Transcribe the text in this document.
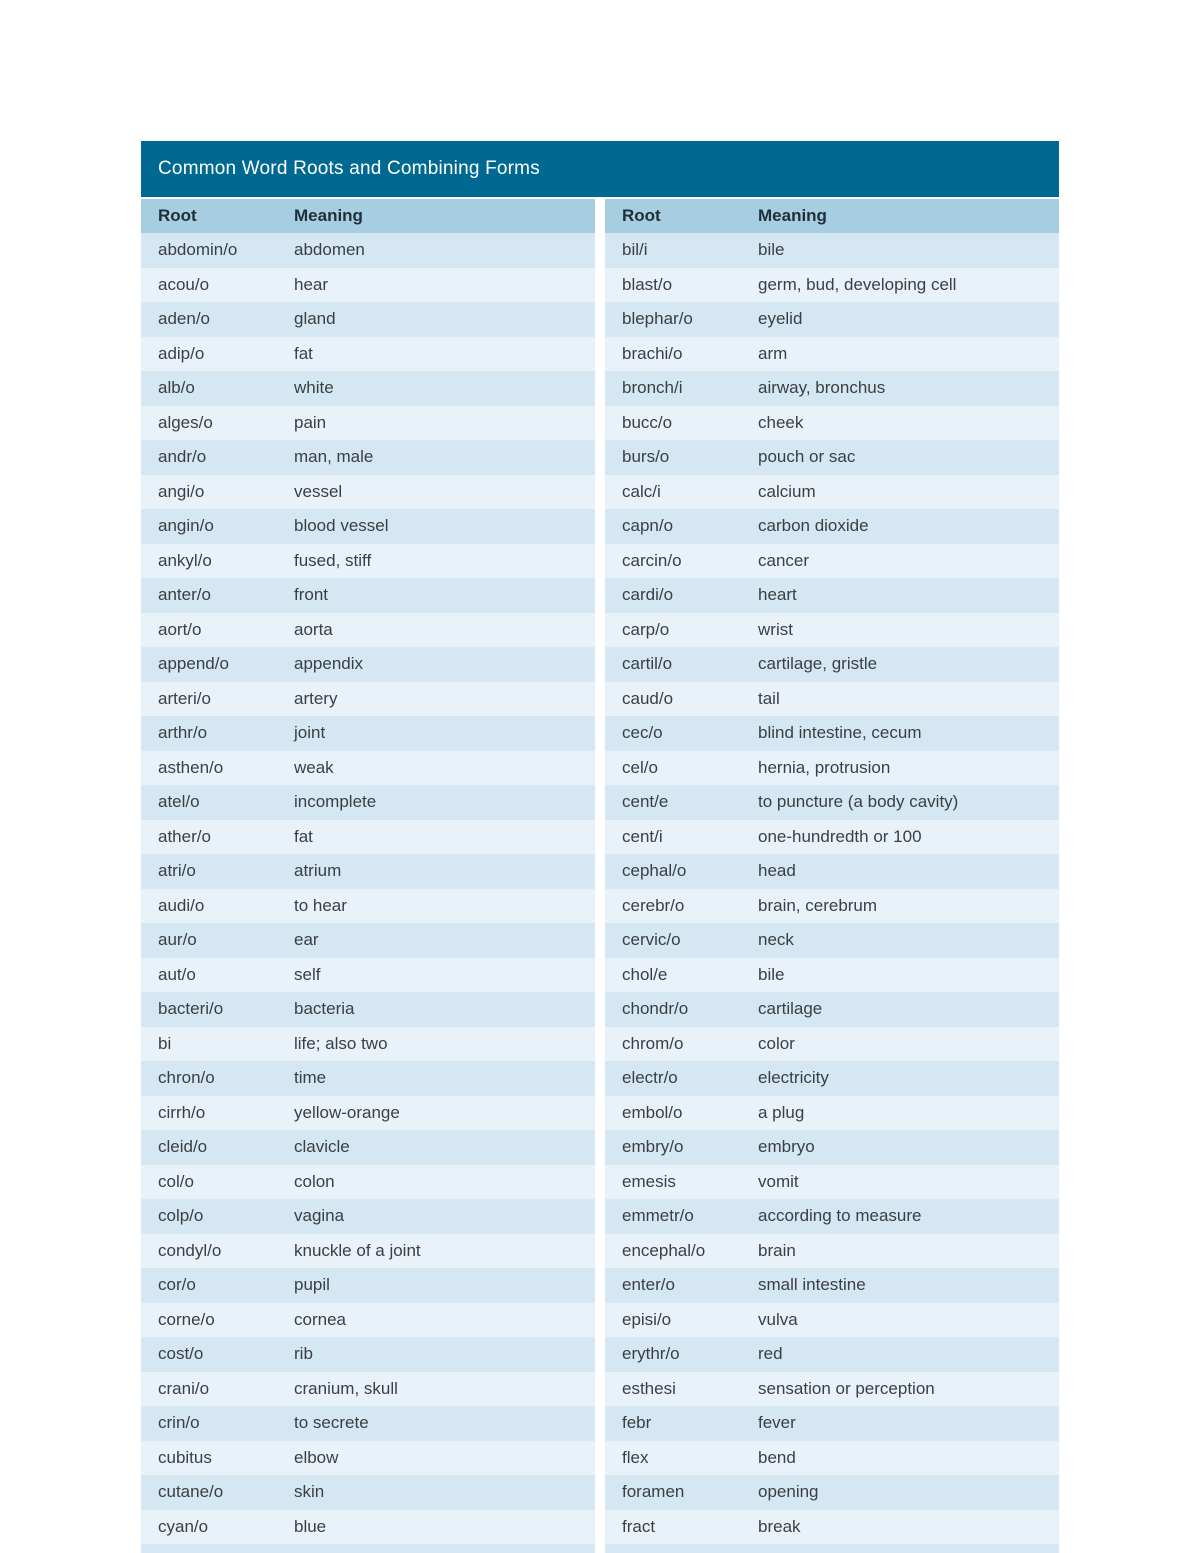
Common Word Roots and Combining Forms
Root	Meaning
abdomin/o	abdomen
acou/o	hear
aden/o	gland
adip/o	fat
alb/o	white
alges/o	pain
andr/o	man, male
angi/o	vessel
angin/o	blood vessel
ankyl/o	fused, stiff
anter/o	front
aort/o	aorta
append/o	appendix
arteri/o	artery
arthr/o	joint
asthen/o	weak
atel/o	incomplete
ather/o	fat
atri/o	atrium
audi/o	to hear
aur/o	ear
aut/o	self
bacteri/o	bacteria
bi	life; also two
chron/o	time
cirrh/o	yellow-orange
cleid/o	clavicle
col/o	colon
colp/o	vagina
condyl/o	knuckle of a joint
cor/o	pupil
corne/o	cornea
cost/o	rib
crani/o	cranium, skull
crin/o	to secrete
cubitus	elbow
cutane/o	skin
cyan/o	blue
Root	Meaning
bil/i	bile
blast/o	germ, bud, developing cell
blephar/o	eyelid
brachi/o	arm
bronch/i	airway, bronchus
bucc/o	cheek
burs/o	pouch or sac
calc/i	calcium
capn/o	carbon dioxide
carcin/o	cancer
cardi/o	heart
carp/o	wrist
cartil/o	cartilage, gristle
caud/o	tail
cec/o	blind intestine, cecum
cel/o	hernia, protrusion
cent/e	to puncture (a body cavity)
cent/i	one-hundredth or 100
cephal/o	head
cerebr/o	brain, cerebrum
cervic/o	neck
chol/e	bile
chondr/o	cartilage
chrom/o	color
electr/o	electricity
embol/o	a plug
embry/o	embryo
emesis	vomit
emmetr/o	according to measure
encephal/o	brain
enter/o	small intestine
episi/o	vulva
erythr/o	red
esthesi	sensation or perception
febr	fever
flex	bend
foramen	opening
fract	break
